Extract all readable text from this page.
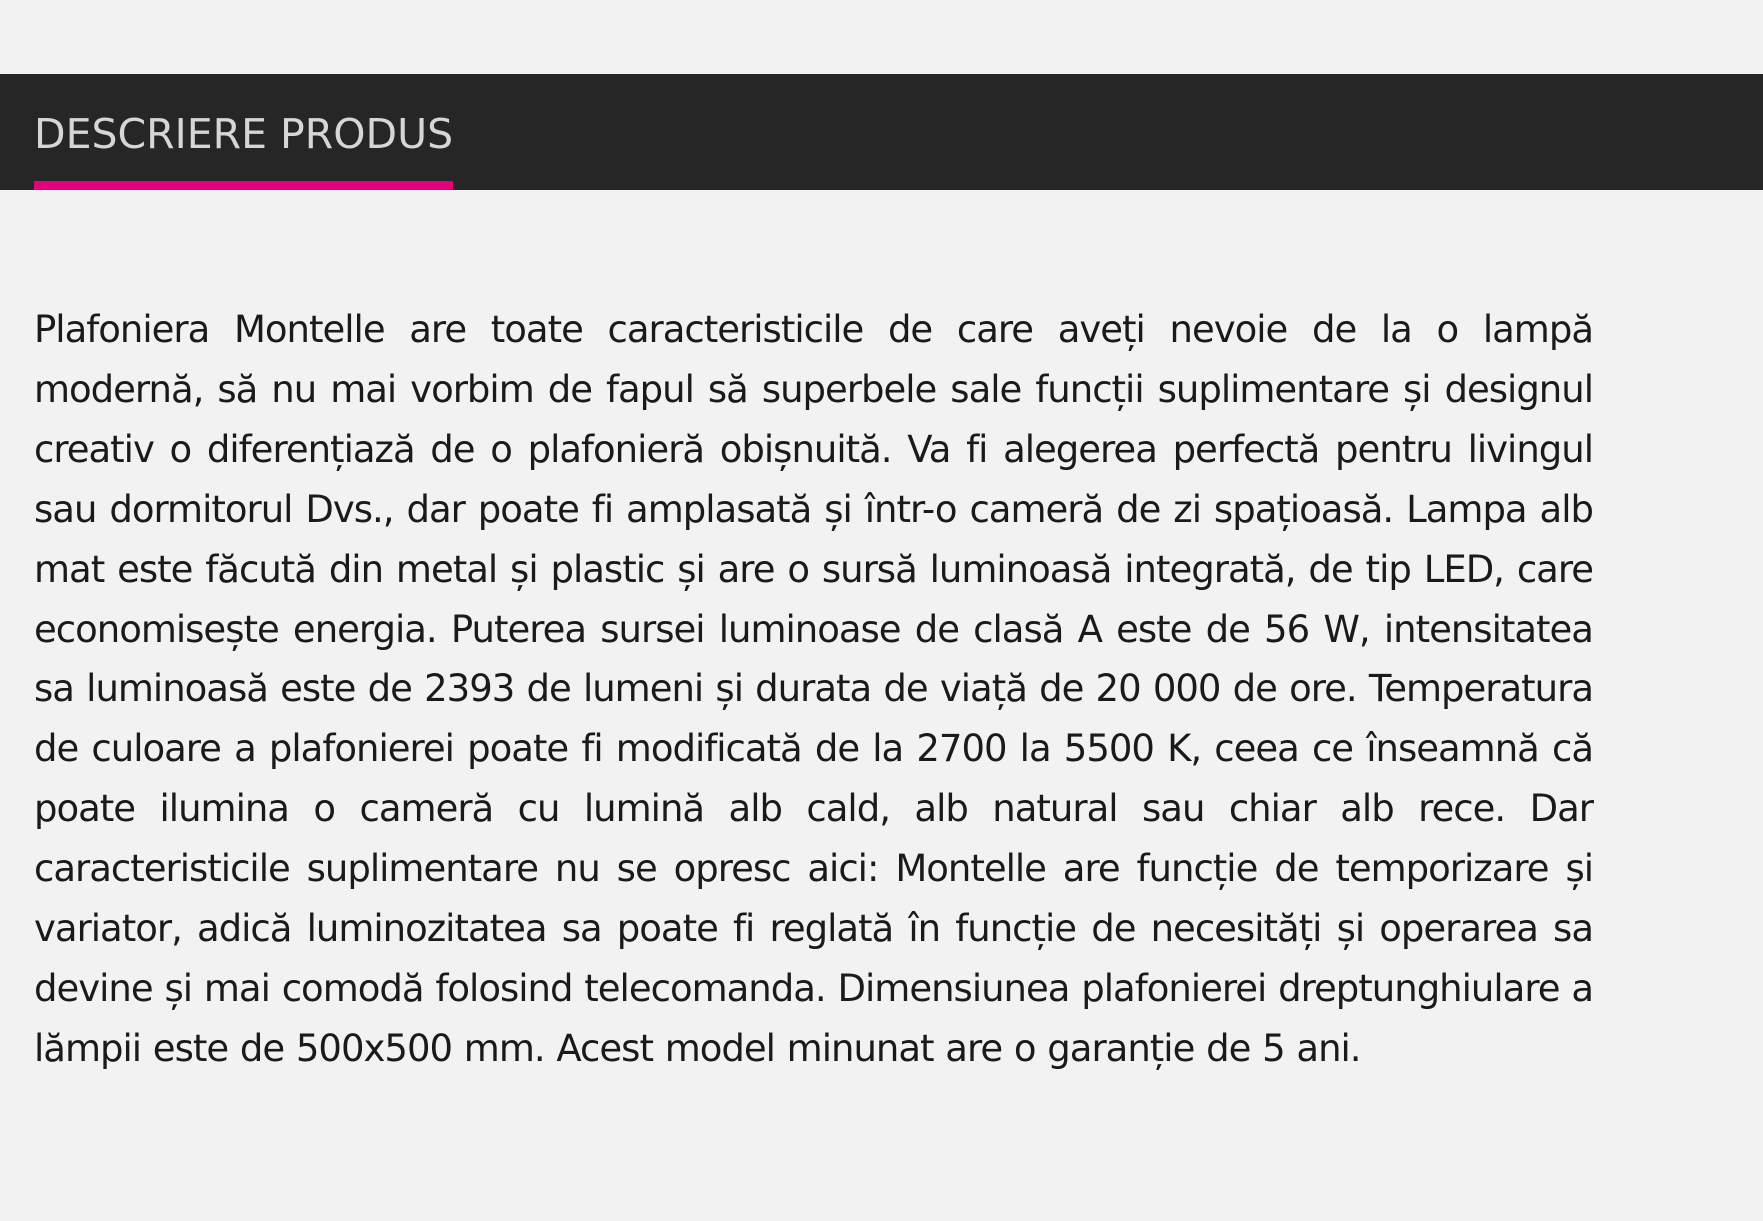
DESCRIERE PRODUS

Plafoniera Montelle are toate caracteristicile de care aveți nevoie de la o lampă modernă, să nu mai vorbim de fapul să superbele sale funcții suplimentare și designul creativ o diferențiază de o plafonieră obișnuită. Va fi alegerea perfectă pentru livingul sau dormitorul Dvs., dar poate fi amplasată și într-o cameră de zi spațioasă. Lampa alb mat este făcută din metal și plastic și are o sursă luminoasă integrată, de tip LED, care economisește energia. Puterea sursei luminoase de clasă A este de 56 W, intensitatea sa luminoasă este de 2393 de lumeni și durata de viață de 20 000 de ore. Temperatura de culoare a plafonierei poate fi modificată de la 2700 la 5500 K, ceea ce înseamnă că poate ilumina o cameră cu lumină alb cald, alb natural sau chiar alb rece. Dar caracteristicile suplimentare nu se opresc aici: Montelle are funcție de temporizare și variator, adică luminozitatea sa poate fi reglată în funcție de necesități și operarea sa devine și mai comodă folosind telecomanda. Dimensiunea plafonierei dreptunghiulare a lămpii este de 500x500 mm. Acest model minunat are o garanție de 5 ani.
